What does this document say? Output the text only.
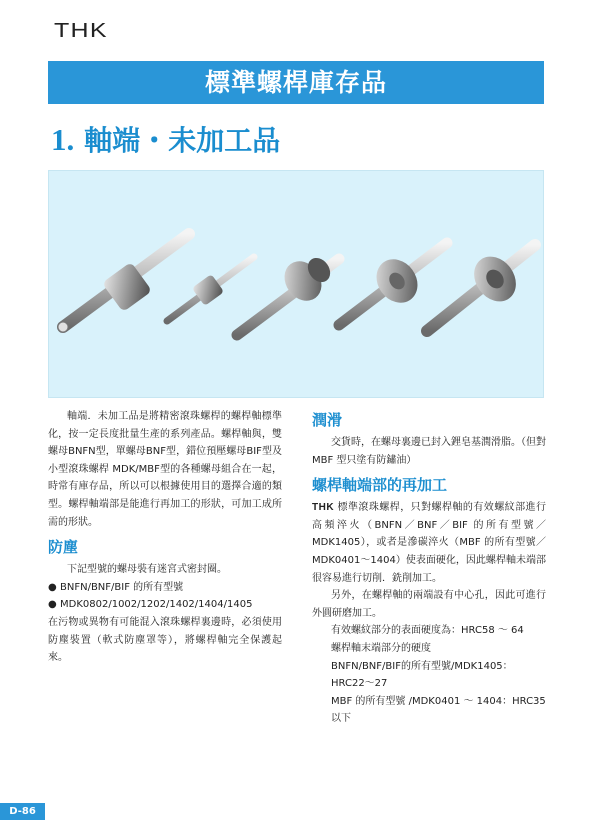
THK
標準螺桿庫存品
1. 軸端・未加工品

軸端．未加工品是將精密滾珠螺桿的螺桿軸標準化，按一定長度批量生產的系列產品。螺桿軸與，雙螺母BNFN型，單螺母BNF型，錯位預壓螺母BIF型及小型滾珠螺桿 MDK/MBF型的各種螺母組合在一起，時常有庫存品，所以可以根據使用目的選擇合適的類型。螺桿軸端部是能進行再加工的形狀，可加工成所需的形狀。

防塵

下記型號的螺母裝有迷宮式密封圈。

● BNFN/BNF/BIF 的所有型號
● MDK0802/1002/1202/1402/1404/1405

在污物或異物有可能混入滾珠螺桿裏邊時，必須使用防塵裝置（軟式防塵罩等），將螺桿軸完全保護起來。

潤滑

交貨時，在螺母裏邊已封入鋰皂基潤滑脂。（但對 MBF 型只塗有防鏽油）

螺桿軸端部的再加工

THK 標準滾珠螺桿，只對螺桿軸的有效螺紋部進行高頻淬火（BNFN／BNF／BIF 的所有型號／MDK1405），或者是滲碳淬火（MBF 的所有型號／MDK0401～1404）使表面硬化，因此螺桿軸未端部很容易進行切削．銑削加工。

另外，在螺桿軸的兩端設有中心孔，因此可進行外圓研磨加工。

有效螺紋部分的表面硬度為：HRC58 ～ 64

螺桿軸末端部分的硬度

BNFN/BNF/BIF的所有型號/MDK1405：HRC22～27

MBF 的所有型號 /MDK0401 ～ 1404：HRC35 以下

D-86
